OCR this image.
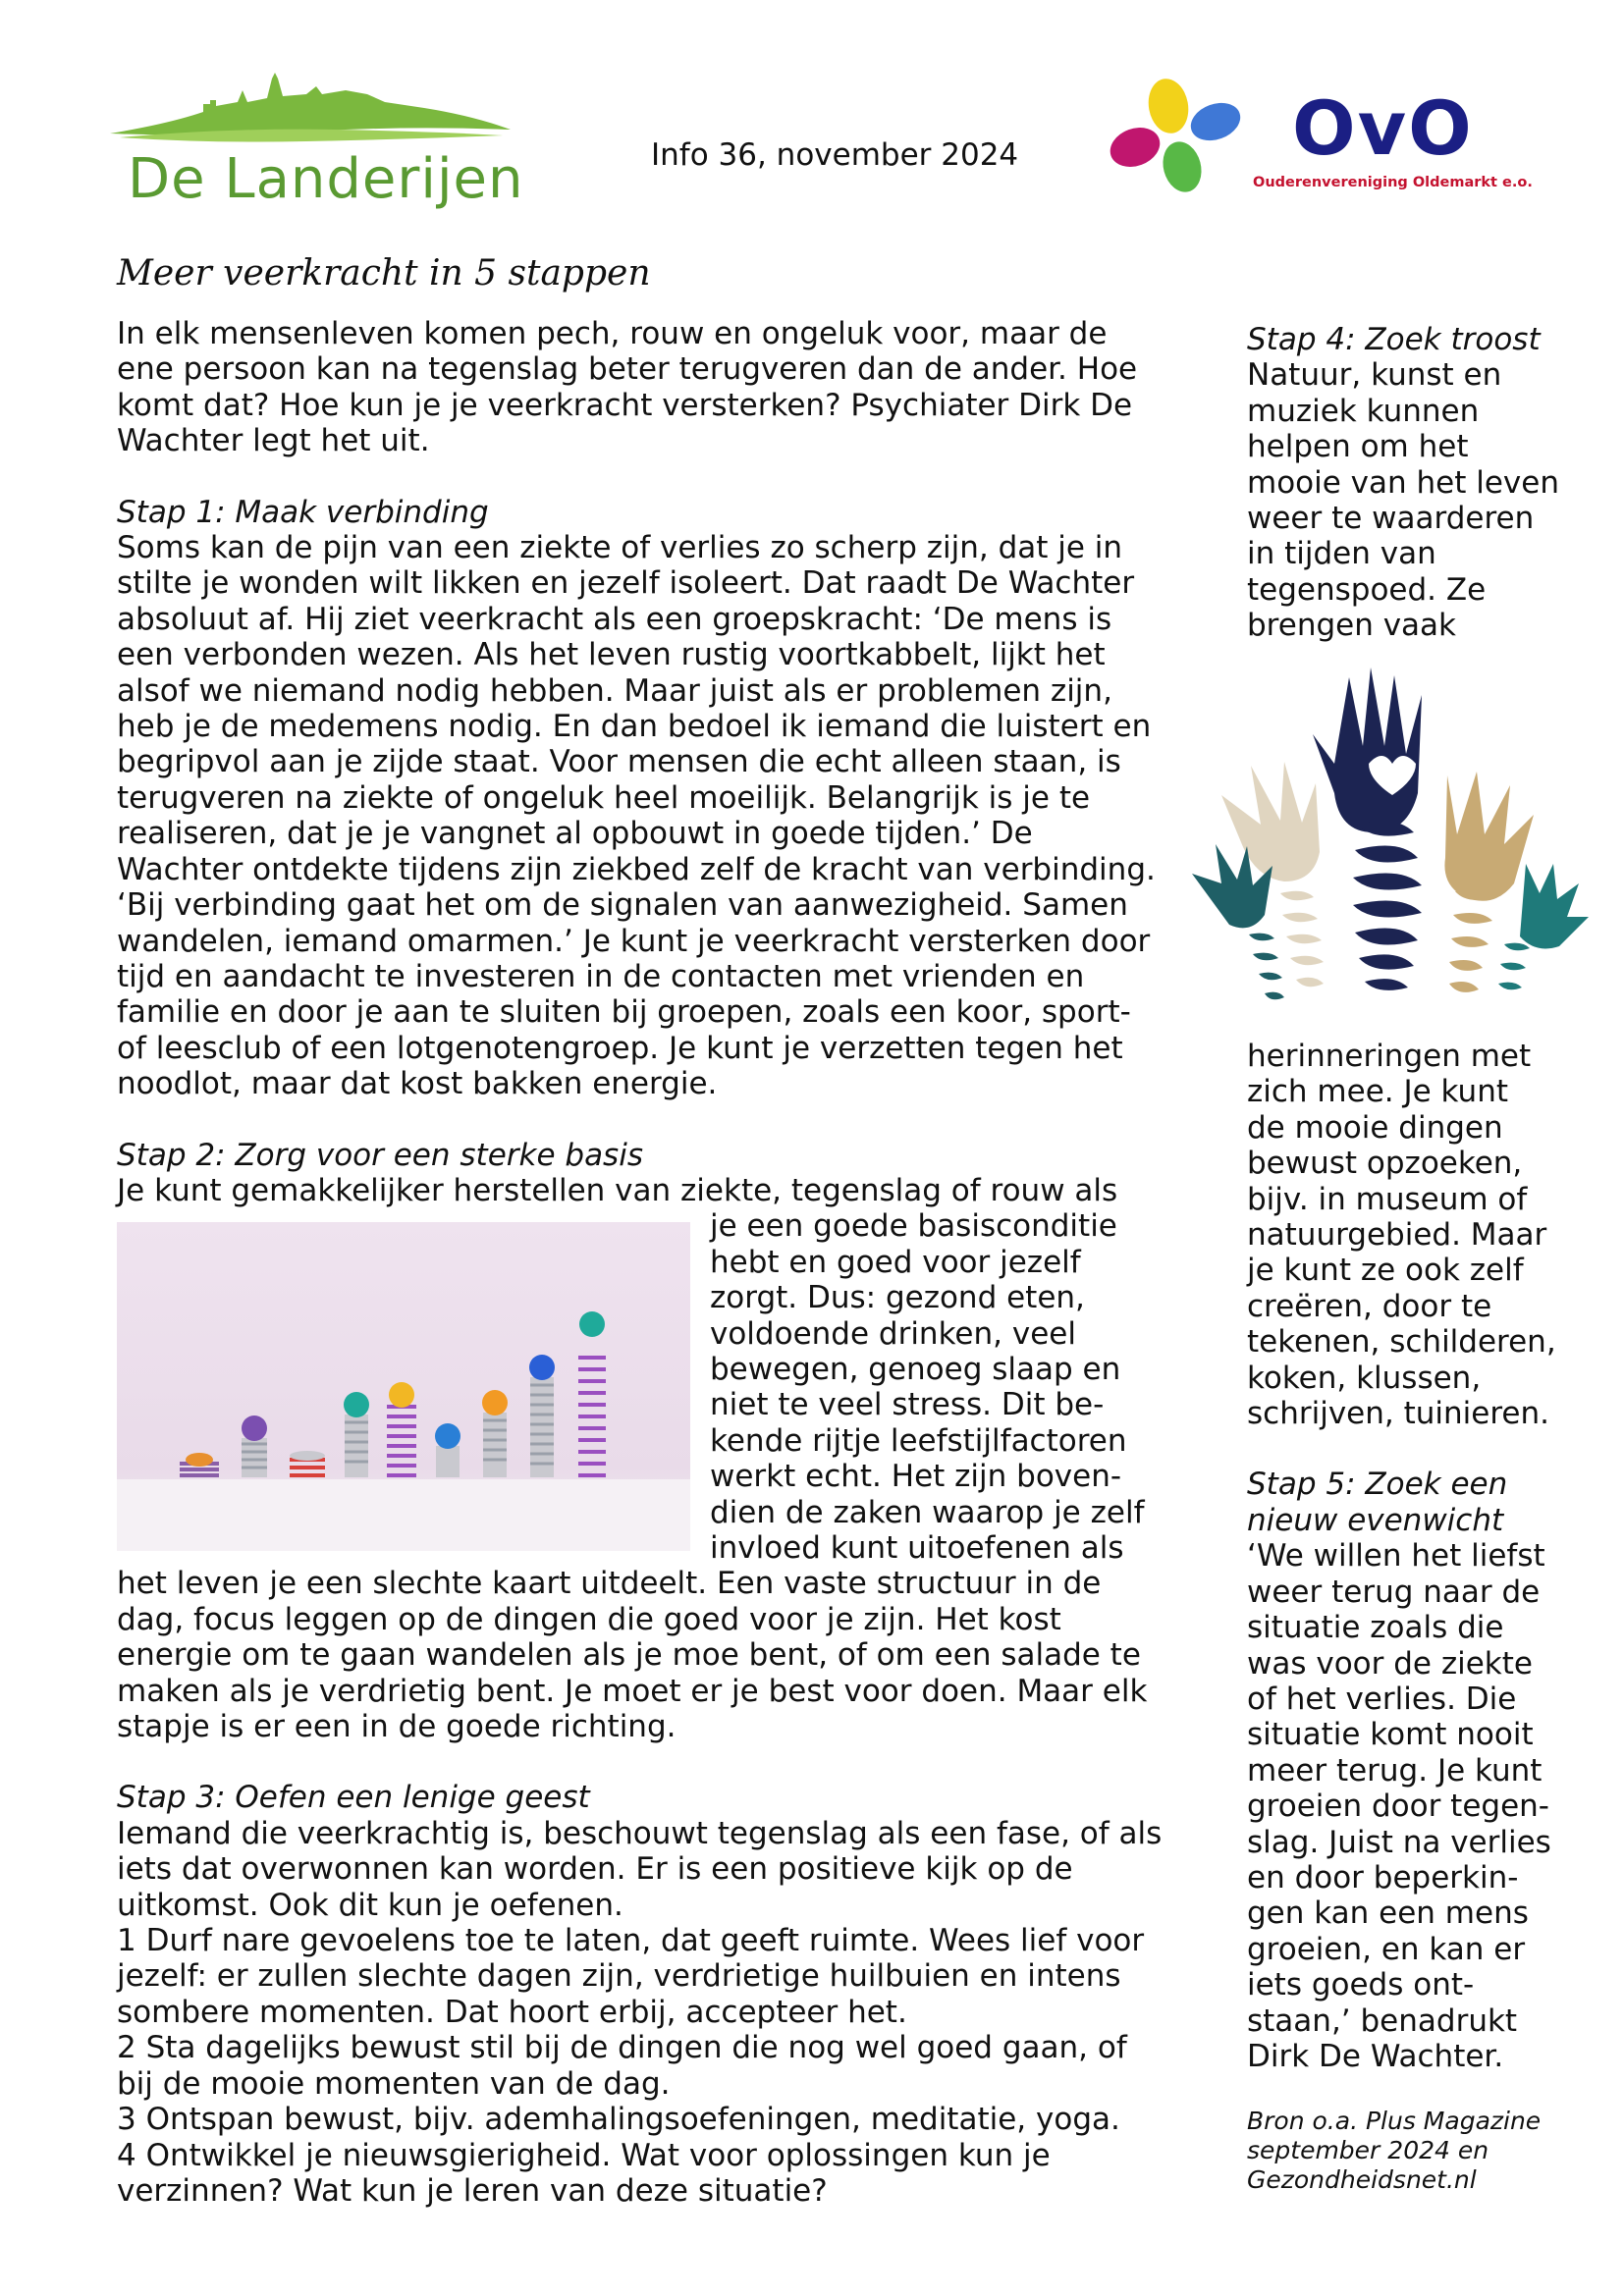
De Landerijen	Info 36, november 2024	OvO
Ouderenvereniging Oldemarkt e.o.
Meer veerkracht in 5 stappen

In elk mensenleven komen pech, rouw en ongeluk voor, maar de

ene persoon kan na tegenslag beter terugveren dan de ander. Hoe

komt dat? Hoe kun je je veerkracht versterken? Psychiater Dirk De

Wachter legt het uit.

Stap 1: Maak verbinding

Soms kan de pijn van een ziekte of verlies zo scherp zijn, dat je in

stilte je wonden wilt likken en jezelf isoleert. Dat raadt De Wachter

absoluut af. Hij ziet veerkracht als een groepskracht: ‘De mens is

een verbonden wezen. Als het leven rustig voortkabbelt, lijkt het

alsof we niemand nodig hebben. Maar juist als er problemen zijn,

heb je de medemens nodig. En dan bedoel ik iemand die luistert en

begripvol aan je zijde staat. Voor mensen die echt alleen staan, is

terugveren na ziekte of ongeluk heel moeilijk. Belangrijk is je te

realiseren, dat je je vangnet al opbouwt in goede tijden.’ De

Wachter ontdekte tijdens zijn ziekbed zelf de kracht van verbinding.

‘Bij verbinding gaat het om de signalen van aanwezigheid. Samen

wandelen, iemand omarmen.’ Je kunt je veerkracht versterken door

tijd en aandacht te investeren in de contacten met vrienden en

familie en door je aan te sluiten bij groepen, zoals een koor, sport-

of leesclub of een lotgenotengroep. Je kunt je verzetten tegen het

noodlot, maar dat kost bakken energie.

Stap 2: Zorg voor een sterke basis

Je kunt gemakkelijker herstellen van ziekte, tegenslag of rouw als

je een goede basisconditie

hebt en goed voor jezelf

zorgt. Dus: gezond eten,

voldoende drinken, veel

bewegen, genoeg slaap en

niet te veel stress. Dit be-

kende rijtje leefstijlfactoren

werkt echt. Het zijn boven-

dien de zaken waarop je zelf

invloed kunt uitoefenen als

het leven je een slechte kaart uitdeelt. Een vaste structuur in de

dag, focus leggen op de dingen die goed voor je zijn. Het kost

energie om te gaan wandelen als je moe bent, of om een salade te

maken als je verdrietig bent. Je moet er je best voor doen. Maar elk

stapje is er een in de goede richting.

Stap 3: Oefen een lenige geest

Iemand die veerkrachtig is, beschouwt tegenslag als een fase, of als

iets dat overwonnen kan worden. Er is een positieve kijk op de

uitkomst. Ook dit kun je oefenen.

1 Durf nare gevoelens toe te laten, dat geeft ruimte. Wees lief voor

jezelf: er zullen slechte dagen zijn, verdrietige huilbuien en intens

sombere momenten. Dat hoort erbij, accepteer het.

2 Sta dagelijks bewust stil bij de dingen die nog wel goed gaan, of

bij de mooie momenten van de dag.

3 Ontspan bewust, bijv. ademhalingsoefeningen, meditatie, yoga.

4 Ontwikkel je nieuwsgierigheid. Wat voor oplossingen kun je

verzinnen? Wat kun je leren van deze situatie?

Stap 4: Zoek troost

Natuur, kunst en

muziek kunnen

helpen om het

mooie van het leven

weer te waarderen

in tijden van

tegenspoed. Ze

brengen vaak

herinneringen met

zich mee. Je kunt

de mooie dingen

bewust opzoeken,

bijv. in museum of

natuurgebied. Maar

je kunt ze ook zelf

creëren, door te

tekenen, schilderen,

koken, klussen,

schrijven, tuinieren.

Stap 5: Zoek een

nieuw evenwicht

‘We willen het liefst

weer terug naar de

situatie zoals die

was voor de ziekte

of het verlies. Die

situatie komt nooit

meer terug. Je kunt

groeien door tegen-

slag. Juist na verlies

en door beperkin-

gen kan een mens

groeien, en kan er

iets goeds ont-

staan,’ benadrukt

Dirk De Wachter.

Bron o.a. Plus Magazine
september 2024 en
Gezondheidsnet.nl
